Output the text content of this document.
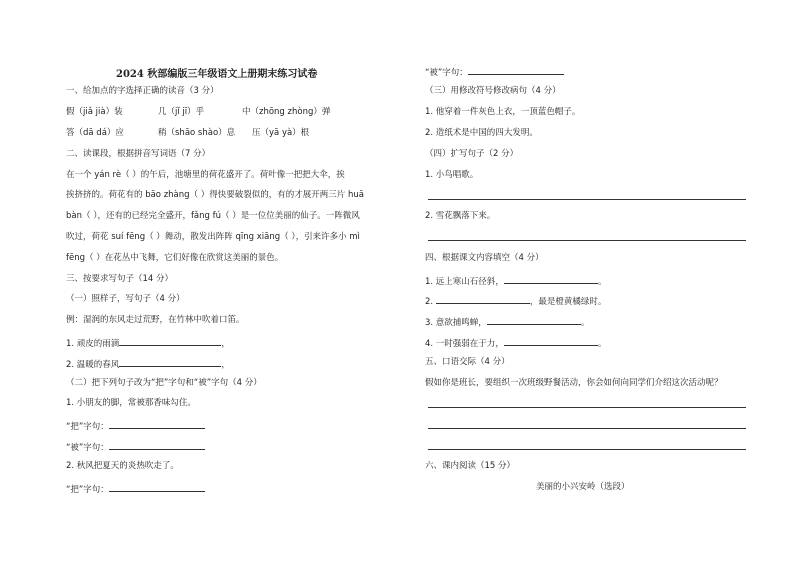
2024 秋部编版三年级语文上册期末练习试卷
一、给加点的字选择正确的读音（3 分）
假（jiǎ jià）装	几（jǐ jī）乎	中（zhōng zhòng）弹
答（dā dá）应	稍（shāo shào）息 压（yā yà）根
二、读课段，根据拼音写词语（7 分）
在一个 yán rè（ ）的午后，池塘里的荷花盛开了。荷叶像一把把大伞，挨
挨挤挤的。荷花有的 bāo zhàng（ ）得快要破裂似的，有的才展开两三片 huā
bàn（ ），还有的已经完全盛开，fǎng fú（ ）是一位位美丽的仙子。一阵微风
吹过，荷花 suí fēng（ ）舞动，散发出阵阵 qīng xiāng（ ），引来许多小 mì
fēng（ ）在花丛中飞舞，它们好像在欣赏这美丽的景色。
三、按要求写句子（14 分）
（一）照样子，写句子（4 分）
例：湿润的东风走过荒野，在竹林中吹着口笛。
1. 顽皮的雨滴	，
2. 温暖的春风	，
（二）把下列句子改为“把”字句和“被”字句（4 分）
1. 小朋友的脚，常被那香味勾住。
“把”字句：
“被”字句：
2. 秋风把夏天的炎热吹走了。
“把”字句：
“被”字句：
（三）用修改符号修改病句（4 分）
1. 他穿着一件灰色上衣，一顶蓝色帽子。
2. 造纸术是中国的四大发明。
（四）扩写句子（2 分）
1. 小鸟唱歌。
2. 雪花飘落下来。
四、根据课文内容填空（4 分）
1. 远上寒山石径斜，	。
2.	，最是橙黄橘绿时。
3. 意欲捕鸣蝉，	。
4. 一时强弱在于力，	。
五、口语交际（4 分）
假如你是班长，要组织一次班级野餐活动，你会如何向同学们介绍这次活动呢？
六、课内阅读（15 分）
美丽的小兴安岭（选段）
